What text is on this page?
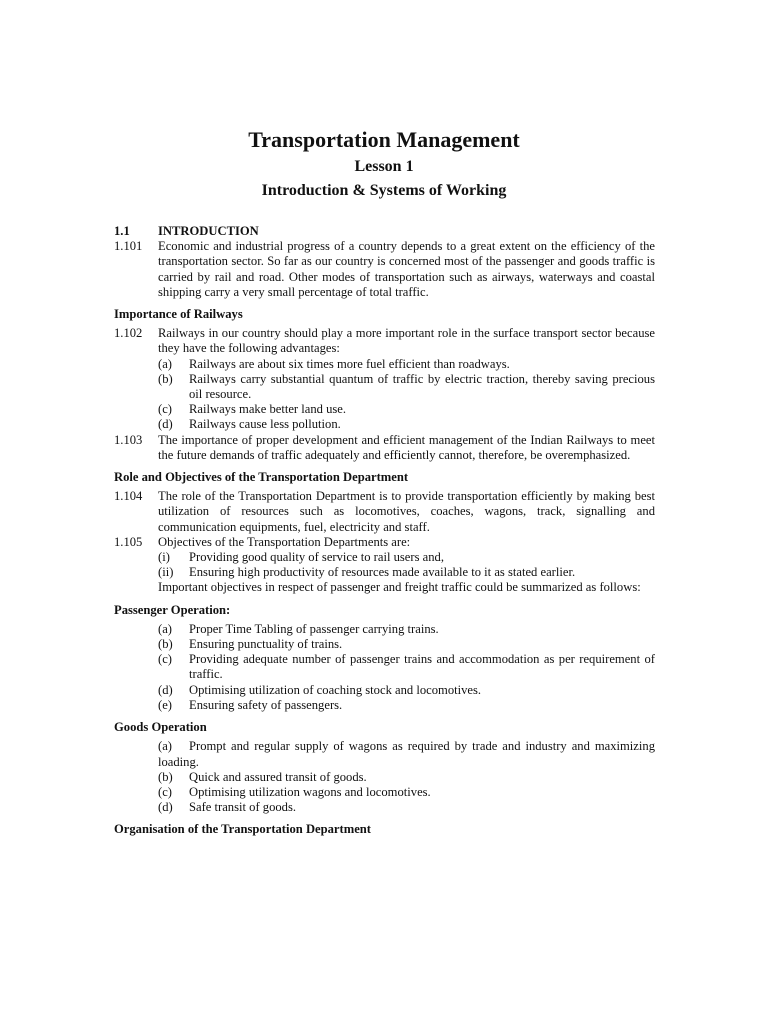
Transportation Management
Lesson 1
Introduction & Systems of Working
1.1	INTRODUCTION
1.101	Economic and industrial progress of a country depends to a great extent on the efficiency of the transportation sector. So far as our country is concerned most of the passenger and goods traffic is carried by rail and road. Other modes of transportation such as airways, waterways and coastal shipping carry a very small percentage of total traffic.
Importance of Railways
1.102	Railways in our country should play a more important role in the surface transport sector because they have the following advantages:
(a)	Railways are about six times more fuel efficient than roadways.
(b)	Railways carry substantial quantum of traffic by electric traction, thereby saving precious oil resource.
(c)	Railways make better land use.
(d)	Railways cause less pollution.
1.103	The importance of proper development and efficient management of the Indian Railways to meet the future demands of traffic adequately and efficiently cannot, therefore, be overemphasized.
Role and Objectives of the Transportation Department
1.104	The role of the Transportation Department is to provide transportation efficiently by making best utilization of resources such as locomotives, coaches, wagons, track, signalling and communication equipments, fuel, electricity and staff.
1.105	Objectives of the Transportation Departments are:
(i)	Providing good quality of service to rail users and,
(ii)	Ensuring high productivity of resources made available to it as stated earlier.
Important objectives in respect of passenger and freight traffic could be summarized as follows:
Passenger Operation:
(a)	Proper Time Tabling of passenger carrying trains.
(b)	Ensuring punctuality of trains.
(c)	Providing adequate number of passenger trains and accommodation as per requirement of traffic.
(d)	Optimising utilization of coaching stock and locomotives.
(e)	Ensuring safety of passengers.
Goods Operation
(a) Prompt and regular supply of wagons as required by trade and industry and maximizing loading.
(b)	Quick and assured transit of goods.
(c)	Optimising utilization wagons and locomotives.
(d)	Safe transit of goods.
Organisation of the Transportation Department
